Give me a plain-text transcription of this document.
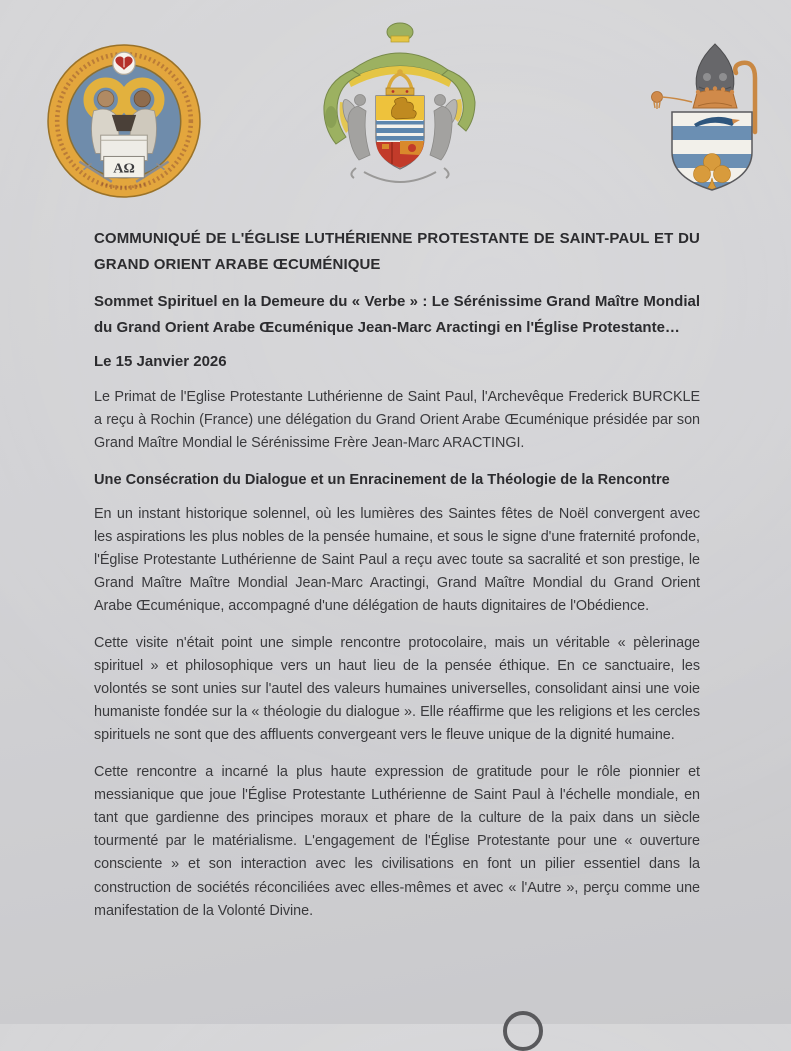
AΩ
COMMUNIQUÉ DE L'ÉGLISE LUTHÉRIENNE PROTESTANTE DE SAINT-PAUL ET DU GRAND ORIENT ARABE ŒCUMÉNIQUE
Sommet Spirituel en la Demeure du « Verbe » : Le Sérénissime Grand Maître Mondial du Grand Orient Arabe Œcuménique Jean-Marc Aractingi en l'Église Protestante…

Le 15 Janvier 2026

Le Primat de l'Eglise Protestante Luthérienne de Saint Paul, l'Archevêque Frederick BURCKLE a reçu à Rochin (France) une délégation du Grand Orient Arabe Œcuménique présidée par son Grand Maître Mondial le Sérénissime Frère Jean-Marc ARACTINGI.

Une Consécration du Dialogue et un Enracinement de la Théologie de la Rencontre

En un instant historique solennel, où les lumières des Saintes fêtes de Noël convergent avec les aspirations les plus nobles de la pensée humaine, et sous le signe d'une fraternité profonde, l'Église Protestante Luthérienne de Saint Paul a reçu avec toute sa sacralité et son prestige, le Grand Maître Maître Mondial Jean-Marc Aractingi, Grand Maître Mondial du Grand Orient Arabe Œcuménique, accompagné d'une délégation de hauts dignitaires de l'Obédience.

Cette visite n'était point une simple rencontre protocolaire, mais un véritable « pèlerinage spirituel » et philosophique vers un haut lieu de la pensée éthique. En ce sanctuaire, les volontés se sont unies sur l'autel des valeurs humaines universelles, consolidant ainsi une voie humaniste fondée sur la « théologie du dialogue ». Elle réaffirme que les religions et les cercles spirituels ne sont que des affluents convergeant vers le fleuve unique de la dignité humaine.

Cette rencontre a incarné la plus haute expression de gratitude pour le rôle pionnier et messianique que joue l'Église Protestante Luthérienne de Saint Paul à l'échelle mondiale, en tant que gardienne des principes moraux et phare de la culture de la paix dans un siècle tourmenté par le matérialisme. L'engagement de l'Église Protestante pour une « ouverture consciente » et son interaction avec les civilisations en font un pilier essentiel dans la construction de sociétés réconciliées avec elles-mêmes et avec « l'Autre », perçu comme une manifestation de la Volonté Divine.
